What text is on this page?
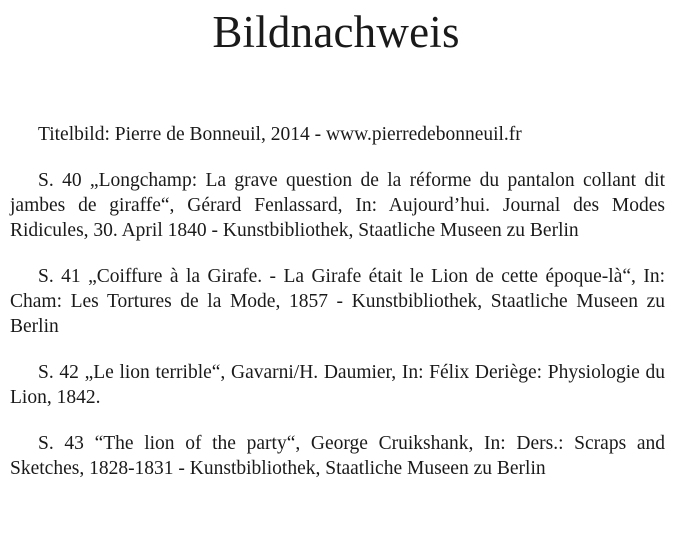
Bildnachweis

Titelbild: Pierre de Bonneuil, 2014 - www.pierredebonneuil.fr

S. 40 „Longchamp: La grave question de la réforme du pantalon collant dit jambes de giraffe“, Gérard Fenlassard, In: Aujourd’hui. Journal des Modes Ridicules, 30. April 1840 - Kunstbibliothek, Staatliche Museen zu Berlin

S. 41 „Coiffure à la Girafe. - La Girafe était le Lion de cette époque-là“, In: Cham: Les Tortures de la Mode, 1857 - Kunstbibliothek, Staatliche Museen zu Berlin

S. 42 „Le lion terrible“, Gavarni/H. Daumier, In: Félix Deriège: Physiologie du Lion, 1842.

S. 43 “The lion of the party“, George Cruikshank, In: Ders.: Scraps and Sketches, 1828-1831 - Kunstbibliothek, Staatliche Museen zu Berlin
